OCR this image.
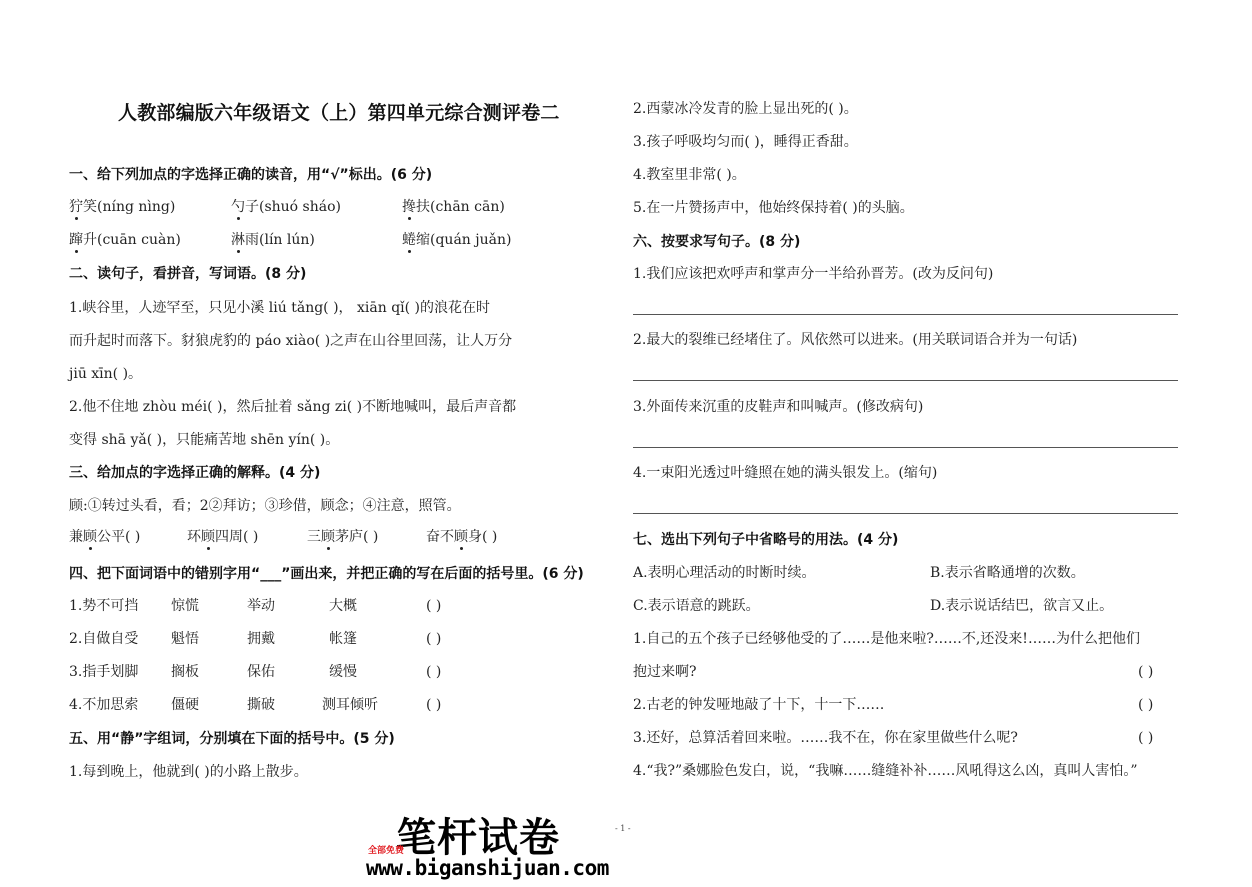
人教部编版六年级语文（上）第四单元综合测评卷二
一、给下列加点的字选择正确的读音，用“√”标出。(6 分)
狞笑(níng nìng)	勺子(shuó sháo)	搀扶(chān cān)
蹿升(cuān cuàn)	淋雨(lín lún)	蜷缩(quán juǎn)
二、读句子，看拼音，写词语。(8 分)
1.峡谷里，人迹罕至，只见小溪 liú tǎng( )， xiān qǐ( )的浪花在时
而升起时而落下。豺狼虎豹的 páo xiào( )之声在山谷里回荡，让人万分
jiū xīn( )。
2.他不住地 zhòu méi( )，然后扯着 sǎng zi( )不断地喊叫，最后声音都
变得 shā yǎ( )，只能痛苦地 shēn yín( )。
三、给加点的字选择正确的解释。(4 分)
顾:①转过头看，看；2②拜访；③珍借，顾念；④注意，照管。
兼顾公平( )	环顾四周( )	三顾茅庐( )	奋不顾身( )
四、把下面词语中的错别字用“___”画出来，并把正确的写在后面的括号里。(6 分)
1.势不可挡 惊慌	举动	大概	( )
2.自做自受 魁悟	拥戴	帐篷	( )
3.指手划脚 搁板	保佑	缓慢	( )
4.不加思索 僵硬	撕破	测耳倾听	( )
五、用“静”字组词，分别填在下面的括号中。(5 分)
1.每到晚上，他就到( )的小路上散步。
2.西蒙冰冷发青的脸上显出死的( )。
3.孩子呼吸均匀而( )，睡得正香甜。
4.教室里非常( )。
5.在一片赞扬声中，他始终保持着( )的头脑。
六、按要求写句子。(8 分)
1.我们应该把欢呼声和掌声分一半给孙晋芳。(改为反问句)
2.最大的裂维已经堵住了。风依然可以进来。(用关联词语合并为一句话)
3.外面传来沉重的皮鞋声和叫喊声。(修改病句)
4.一束阳光透过叶缝照在她的满头银发上。(缩句)
七、选出下列句子中省略号的用法。(4 分)
A.表明心理活动的时断时续。	B.表示省略通增的次数。
C.表示语意的跳跃。	D.表示说话结巴，欲言又止。
1.自己的五个孩子已经够他受的了……是他来啦?……不,还没来!……为什么把他们
抱过来啊?	( )
2.古老的钟发哑地敲了十下，十一下……	( )
3.还好，总算活着回来啦。……我不在，你在家里做些什么呢?	( )
4.“我?”桑娜脸色发白，说，“我嘛……缝缝补补……风吼得这么凶，真叫人害怕。”
笔杆试卷
全部免费
www.biganshijuan.com
- 1 -
